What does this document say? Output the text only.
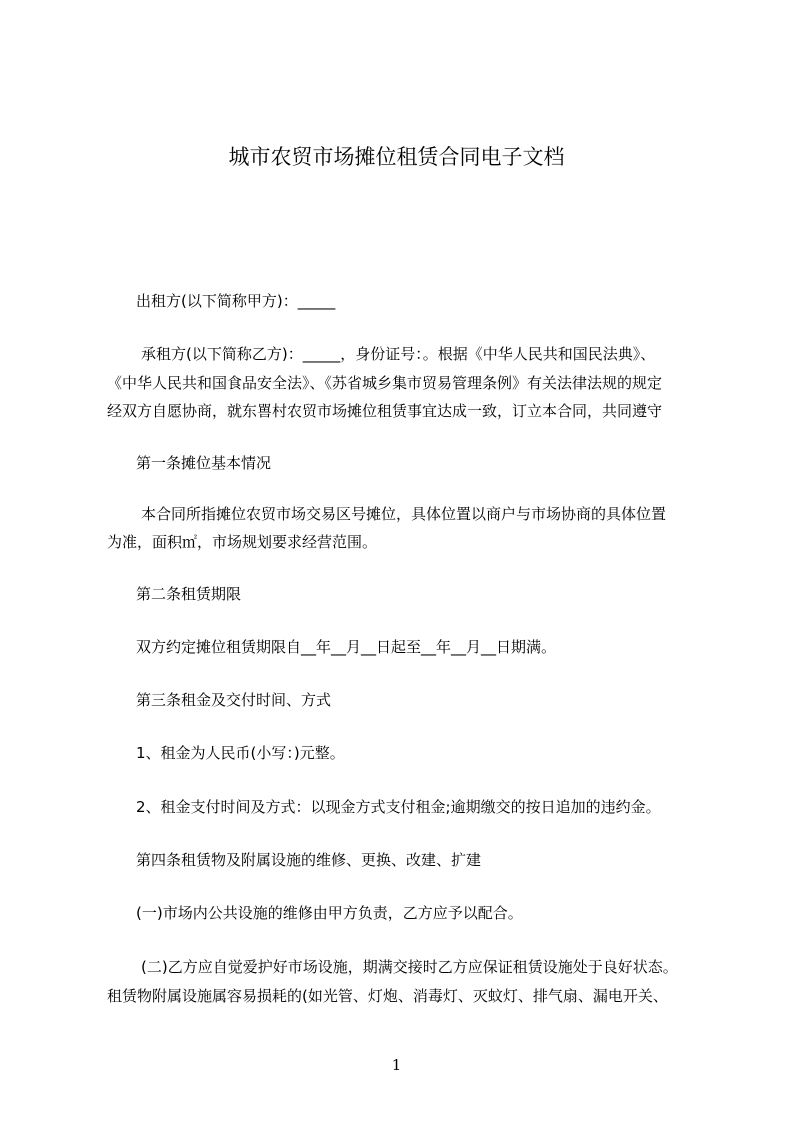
城市农贸市场摊位租赁合同电子文档
出租方(以下简称甲方)：_____
承租方(以下简称乙方)：_____，身份证号：。根据《中华人民共和国民法典》、
《中华人民共和国食品安全法》、《苏省城乡集市贸易管理条例》有关法律法规的规定
经双方自愿协商，就东嘼村农贸市场摊位租赁事宜达成一致，订立本合同，共同遵守
第一条摊位基本情况
本合同所指摊位农贸市场交易区号摊位，具体位置以商户与市场协商的具体位置
为准，面积㎡，市场规划要求经营范围。
第二条租赁期限
双方约定摊位租赁期限自__年__月__日起至__年__月__日期满。
第三条租金及交付时间、方式
1、租金为人民币(小写：)元整。
2、租金支付时间及方式：以现金方式支付租金;逾期缴交的按日追加的违约金。
第四条租赁物及附属设施的维修、更换、改建、扩建
(一)市场内公共设施的维修由甲方负责，乙方应予以配合。
(二)乙方应自觉爱护好市场设施，期满交接时乙方应保证租赁设施处于良好状态。
租赁物附属设施属容易损耗的(如光管、灯炮、消毒灯、灭蚊灯、排气扇、漏电开关、
1
